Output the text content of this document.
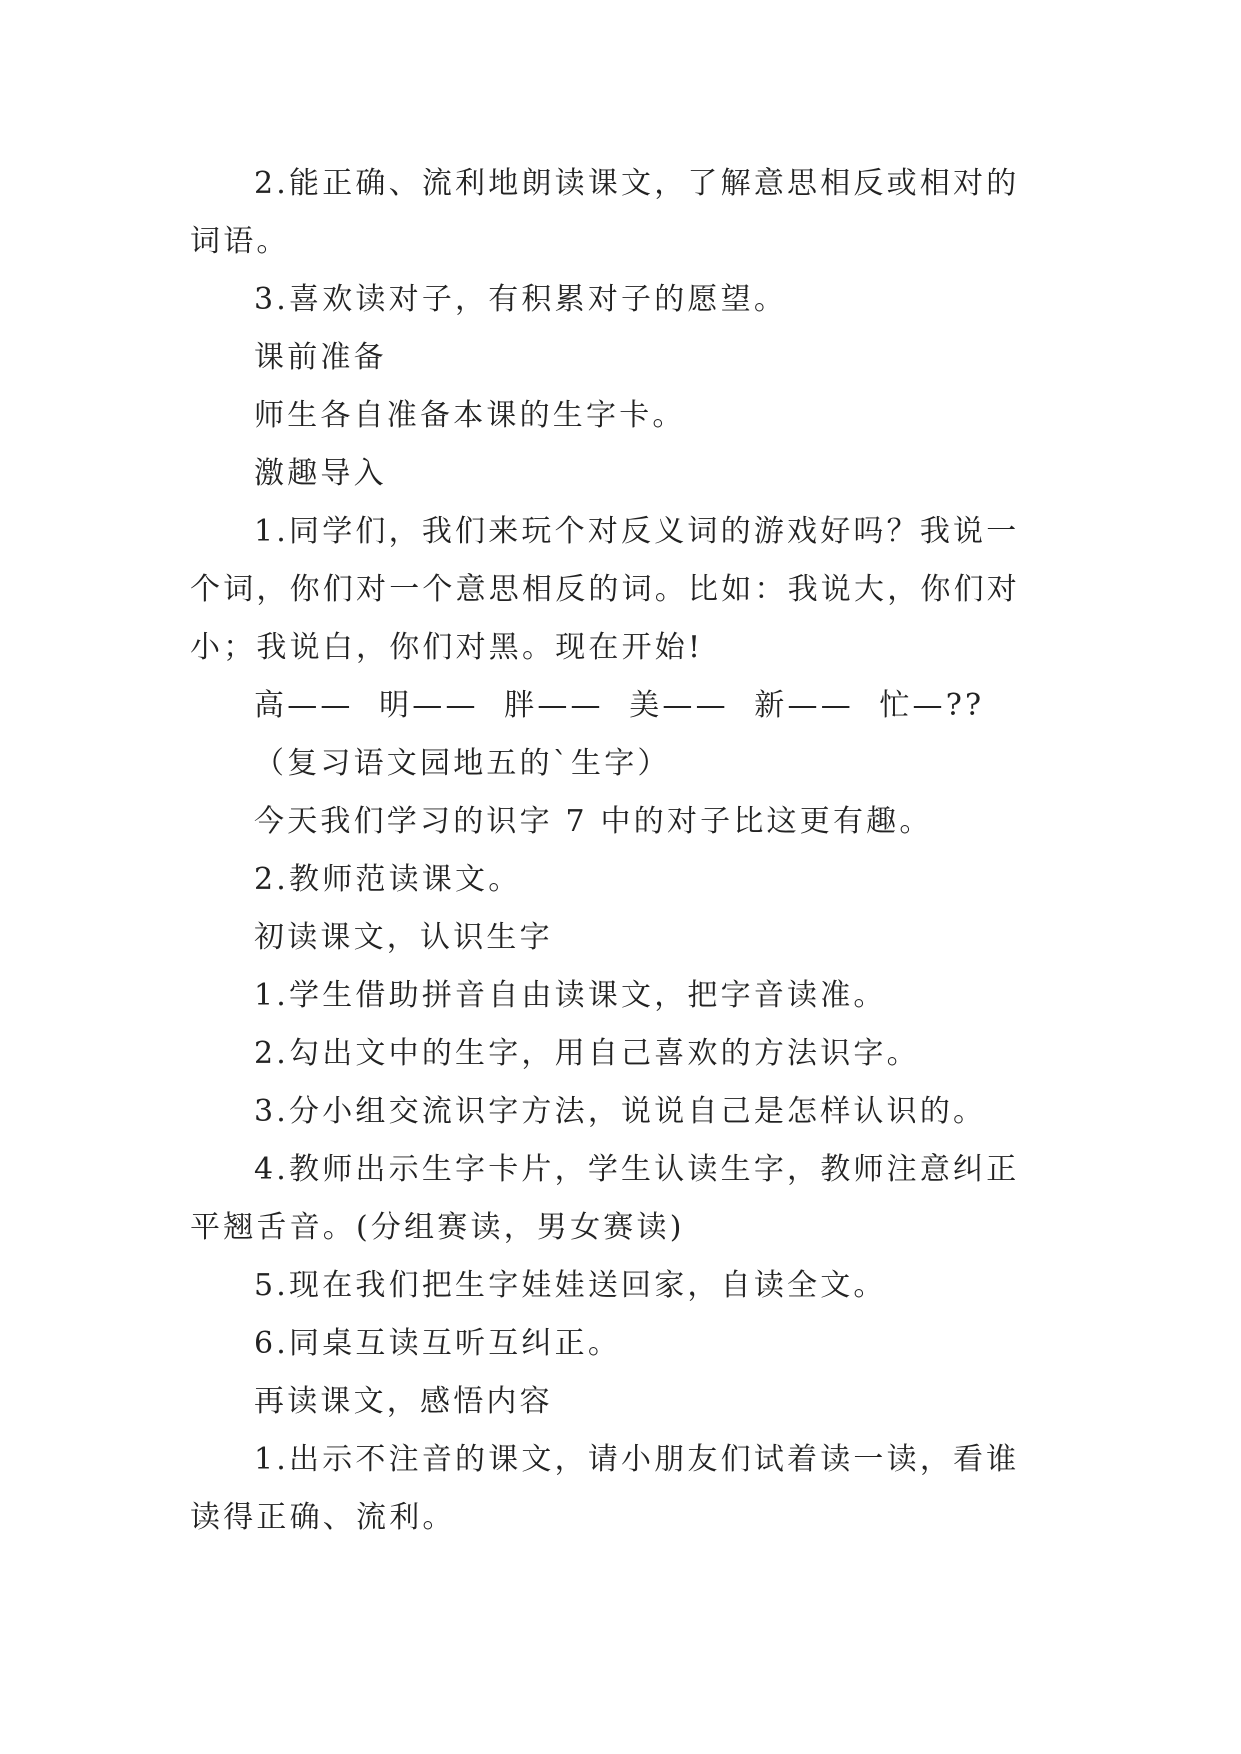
2.能正确、流利地朗读课文，了解意思相反或相对的词语。

3.喜欢读对子，有积累对子的愿望。

课前准备

师生各自准备本课的生字卡。

激趣导入

1.同学们，我们来玩个对反义词的游戏好吗？我说一个词，你们对一个意思相反的词。比如：我说大，你们对小；我说白，你们对黑。现在开始!

高——  明——  胖——  美——  新——  忙—??

（复习语文园地五的`生字）

今天我们学习的识字 7 中的对子比这更有趣。

2.教师范读课文。

初读课文，认识生字

1.学生借助拼音自由读课文，把字音读准。

2.勾出文中的生字，用自己喜欢的方法识字。

3.分小组交流识字方法，说说自己是怎样认识的。

4.教师出示生字卡片，学生认读生字，教师注意纠正平翘舌音。(分组赛读，男女赛读)

5.现在我们把生字娃娃送回家，自读全文。

6.同桌互读互听互纠正。

再读课文，感悟内容

1.出示不注音的课文，请小朋友们试着读一读，看谁读得正确、流利。
